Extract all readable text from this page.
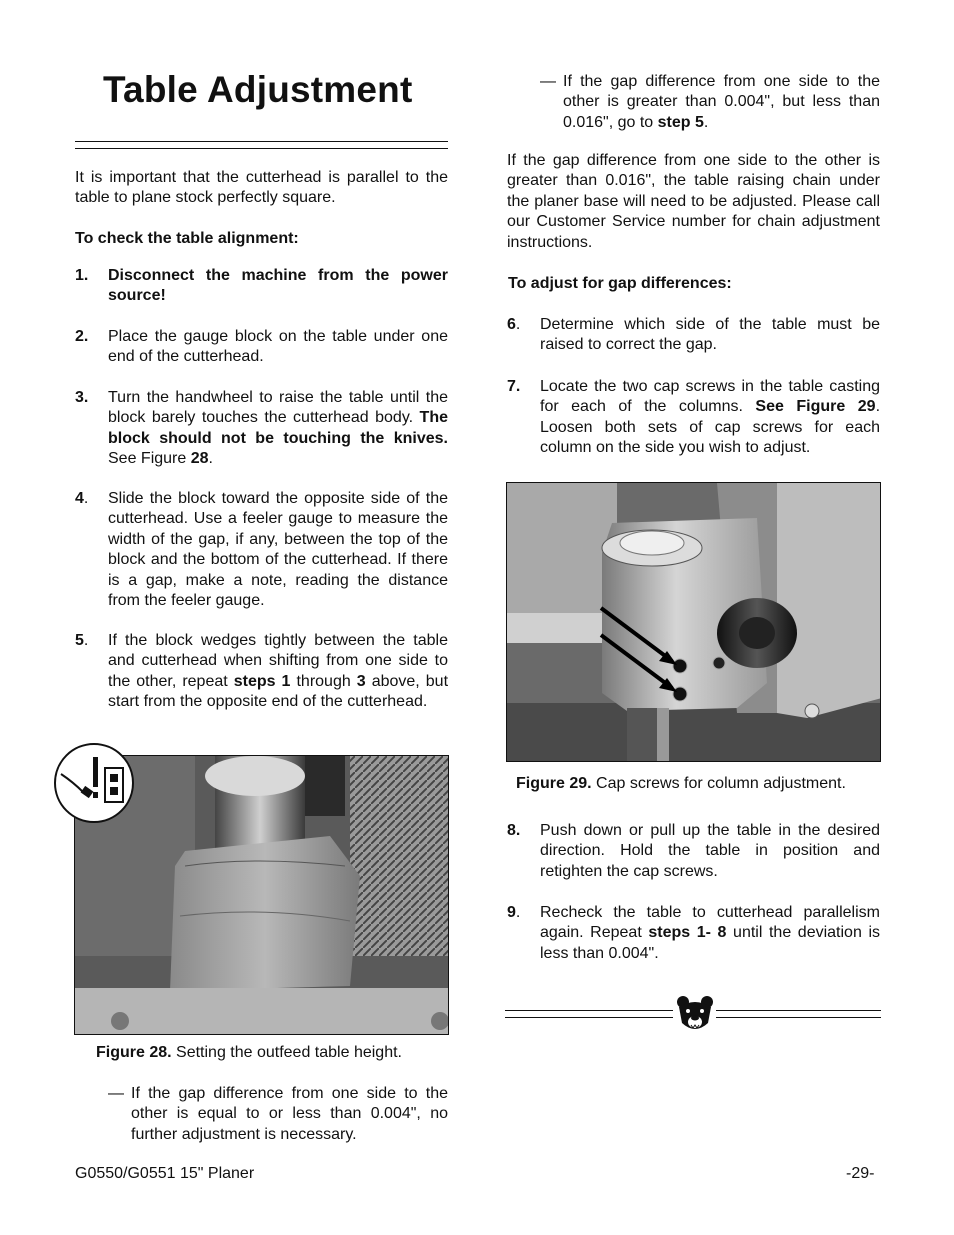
Table Adjustment

It is important that the cutterhead is parallel to the table to plane stock perfectly square.

To check the table alignment:
1.	Disconnect the machine from the power source!
2.	Place the gauge block on the table under one end of the cutterhead.
3.	Turn the handwheel to raise the table until the block barely touches the cutterhead body. The block should not be touching the knives. See Figure 28.
4.	Slide the block toward the opposite side of the cutterhead. Use a feeler gauge to measure the width of the gap, if any, between the top of the block and the bottom of the cutterhead. If there is a gap, make a note, reading the distance from the feeler gauge.
5.	If the block wedges tightly between the table and cutterhead when shifting from one side to the other, repeat steps 1 through 3 above, but start from the opposite end of the cutterhead.
Figure 28. Setting the outfeed table height.
— If the gap difference from one side to the other is equal to or less than 0.004", no further adjustment is necessary.
— If the gap difference from one side to the other is greater than 0.004", but less than 0.016", go to step 5.

If the gap difference from one side to the other is greater than 0.016", the table raising chain under the planer base will need to be adjusted. Please call our Customer Service number for chain adjustment instructions.

To adjust for gap differences:
6.	Determine which side of the table must be raised to correct the gap.
7.	Locate the two cap screws in the table casting for each of the columns. See Figure 29. Loosen both sets of cap screws for each column on the side you wish to adjust.
Figure 29. Cap screws for column adjustment.
8.	Push down or pull up the table in the desired direction. Hold the table in position and retighten the cap screws.
9.	Recheck the table to cutterhead parallelism again. Repeat steps 1- 8 until the deviation is less than 0.004".
G0550/G0551 15" Planer	-29-
